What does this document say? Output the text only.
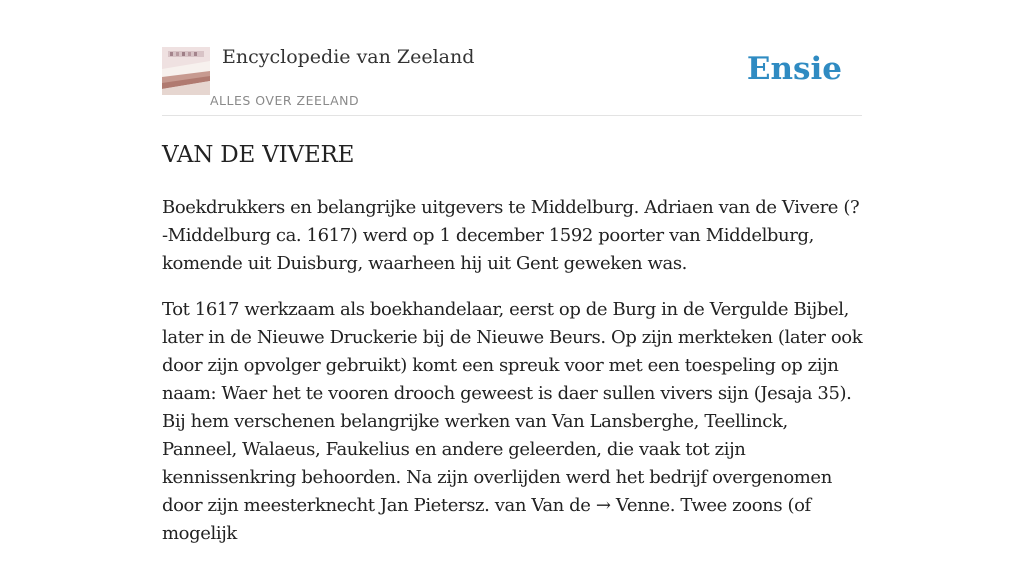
Encyclopedie van Zeeland
ALLES OVER ZEELAND
Ensie
VAN DE VIVERE

Boekdrukkers en belangrijke uitgevers te Middelburg. Adriaen van de Vivere (?-Middelburg ca. 1617) werd op 1 december 1592 poorter van Middelburg, komende uit Duisburg, waarheen hij uit Gent geweken was.

Tot 1617 werkzaam als boekhandelaar, eerst op de Burg in de Vergulde Bijbel, later in de Nieuwe Druckerie bij de Nieuwe Beurs. Op zijn merkteken (later ook door zijn opvolger gebruikt) komt een spreuk voor met een toespeling op zijn naam: Waer het te vooren drooch geweest is daer sullen vivers sijn (Jesaja 35). Bij hem verschenen belangrijke werken van Van Lansberghe, Teellinck, Panneel, Walaeus, Faukelius en andere geleerden, die vaak tot zijn kennissenkring behoorden. Na zijn overlijden werd het bedrijf overgenomen door zijn meesterknecht Jan Pietersz. van Van de → Venne. Twee zoons (of mogelijk
